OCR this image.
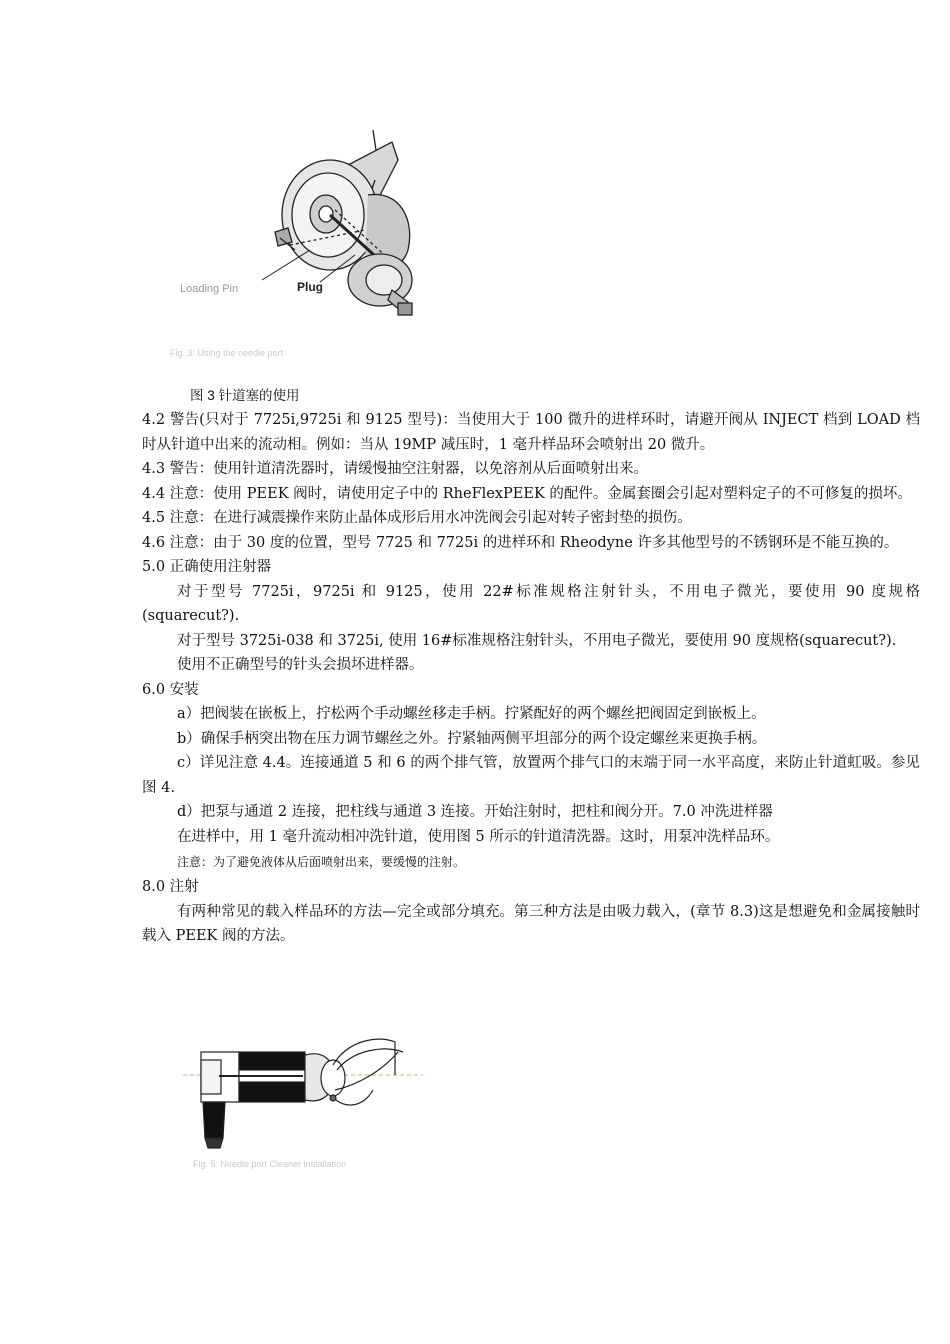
Loading Pin	Plug
Fig. 3: Using the needle port
图 3 针道塞的使用

4.2 警告(只对于 7725i,9725i 和 9125 型号)：当使用大于 100 微升的进样环时，请避开阀从 INJECT 档到 LOAD 档时从针道中出来的流动相。例如：当从 19MP 减压时，1 毫升样品环会喷射出 20 微升。

4.3 警告：使用针道清洗器时，请缓慢抽空注射器，以免溶剂从后面喷射出来。

4.4 注意：使用 PEEK 阀时，请使用定子中的 RheFlexPEEK 的配件。金属套圈会引起对塑料定子的不可修复的损坏。

4.5 注意：在进行减震操作来防止晶体成形后用水冲洗阀会引起对转子密封垫的损伤。

4.6 注意：由于 30 度的位置，型号 7725 和 7725i 的进样环和 Rheodyne 许多其他型号的不锈钢环是不能互换的。

5.0 正确使用注射器

对于型号 7725i，9725i 和 9125，使用 22#标准规格注射针头，不用电子微光，要使用 90 度规格(squarecut?).

对于型号 3725i-038 和 3725i, 使用 16#标准规格注射针头，不用电子微光，要使用 90 度规格(squarecut?).

使用不正确型号的针头会损坏进样器。

6.0 安装

a）把阀装在嵌板上，拧松两个手动螺丝移走手柄。拧紧配好的两个螺丝把阀固定到嵌板上。

b）确保手柄突出物在压力调节螺丝之外。拧紧轴两侧平坦部分的两个设定螺丝来更换手柄。

c）详见注意 4.4。连接通道 5 和 6 的两个排气管，放置两个排气口的末端于同一水平高度，来防止针道虹吸。参见图 4.

d）把泵与通道 2 连接，把柱线与通道 3 连接。开始注射时，把柱和阀分开。7.0 冲洗进样器

在进样中，用 1 毫升流动相冲洗针道，使用图 5 所示的针道清洗器。这时，用泵冲洗样品环。

注意：为了避免液体从后面喷射出来，要缓慢的注射。

8.0 注射

有两种常见的载入样品环的方法—完全或部分填充。第三种方法是由吸力载入，(章节 8.3)这是想避免和金属接触时载入 PEEK 阀的方法。

Fig. 5: Needle port Cleaner installation
